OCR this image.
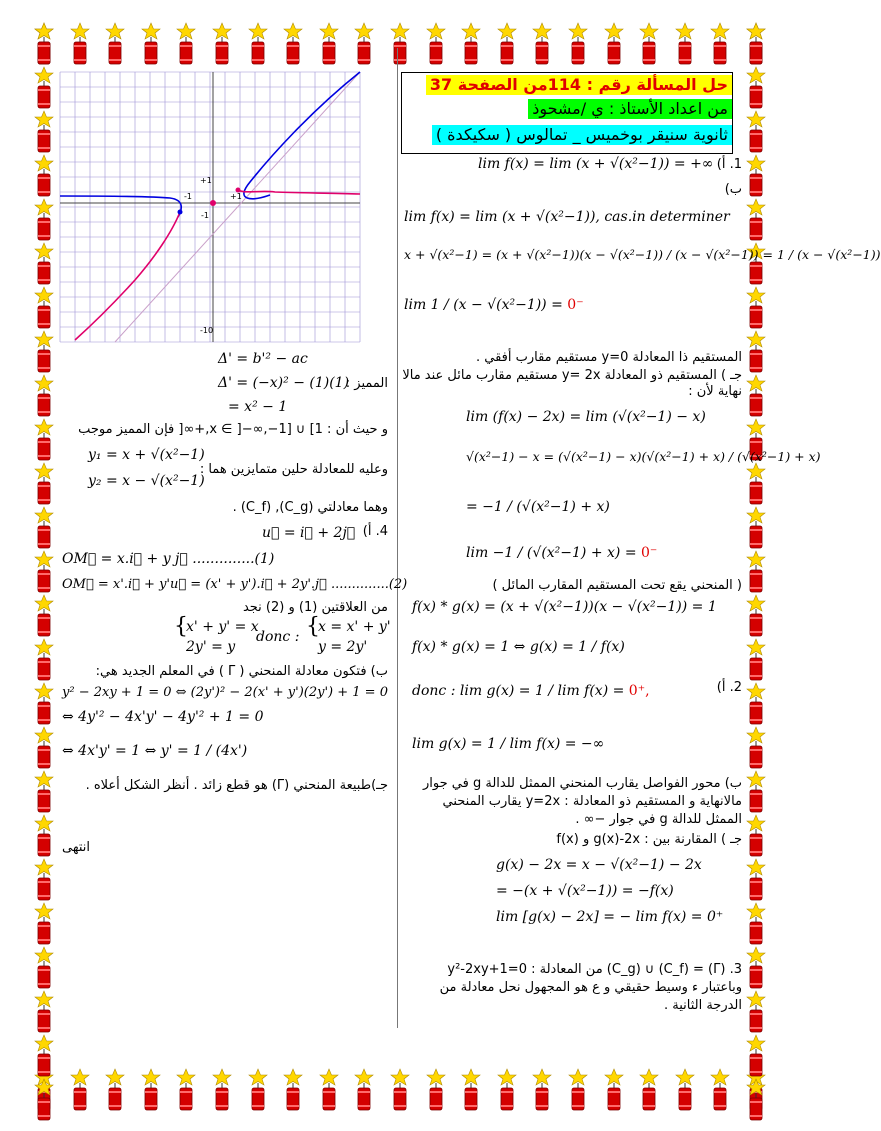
حل المسألة رقم : 114من الصفحة 37
من اعداد الأستاذ : ي /مشحوذ
ثانوية سنيقر بوخميس _ تمالوس ( سكيكدة )
-1	+1
+1
-1
-10
1. أ)
lim f(x) = lim (x + √(x²−1)) = +∞
ب)
lim f(x) = lim (x + √(x²−1)), cas.in determiner
x + √(x²−1) = (x + √(x²−1))(x − √(x²−1)) / (x − √(x²−1)) = 1 / (x − √(x²−1))
lim 1 / (x − √(x²−1)) = 0⁻
المستقيم ذا المعادلة y=0 مستقيم مقارب أفقي .
جـ ) المستقيم ذو المعادلة y= 2x مستقيم مقارب مائل عند مالا
نهاية لأن :
lim (f(x) − 2x) = lim (√(x²−1) − x)
√(x²−1) − x = (√(x²−1) − x)(√(x²−1) + x) / (√(x²−1) + x)
= −1 / (√(x²−1) + x)
lim −1 / (√(x²−1) + x) = 0⁻
( المنحني يقع تحت المستقيم المقارب المائل )
f(x) * g(x) = (x + √(x²−1))(x − √(x²−1)) = 1
f(x) * g(x) = 1 ⇔ g(x) = 1 / f(x)
2. أ)
donc : lim g(x) = 1 / lim f(x) = 0⁺,
lim g(x) = 1 / lim f(x) = −∞
ب) محور الفواصل يقارب المنحني الممثل للدالة g في جوار
مالانهاية و المستقيم ذو المعادلة : y=2x يقارب المنحني
الممثل للدالة g في جوار −∞ .
جـ ) المقارنة بين : g(x)-2x و f(x)
g(x) − 2x = x − √(x²−1) − 2x
= −(x + √(x²−1)) = −f(x)
lim [g(x) − 2x] = − lim f(x) = 0⁺
3. (Γ) = (C_f) ∪ (C_g) من المعادلة : y²-2xy+1=0
وباعتبار ء وسيط حقيقي و ع هو المجهول نحل معادلة من
الدرجة الثانية .
Δ' = b'² − ac
المميز :
Δ' = (−x)² − (1)(1)
= x² − 1
و حيث أن : x ∈ ]−∞,−1] ∪ [1,+∞[ فإن المميز موجب
وعليه للمعادلة حلين متمايزين هما :
y₁ = x + √(x²−1)
y₂ = x − √(x²−1)
وهما معادلتي (C_g), (C_f) .
4. أ)
u⃗ = i⃗ + 2j⃗
OM⃗ = x.i⃗ + y j⃗ ..............(1)
OM⃗ = x'.i⃗ + y'u⃗ = (x' + y').i⃗ + 2y'.j⃗ ..............(2)
من العلاقتين (1) و (2) نجد
{
x' + y' = x
2y' = y
donc : {
x = x' + y'
y = 2y'
ب) فتكون معادلة المنحني ( Γ ) في المعلم الجديد هي:
y² − 2xy + 1 = 0 ⇔ (2y')² − 2(x' + y')(2y') + 1 = 0
⇔ 4y'² − 4x'y' − 4y'² + 1 = 0
⇔ 4x'y' = 1 ⇔ y' = 1 / (4x')
جـ)طبيعة المنحني (Γ) هو قطع زائد . أنظر الشكل أعلاه .
انتهى
